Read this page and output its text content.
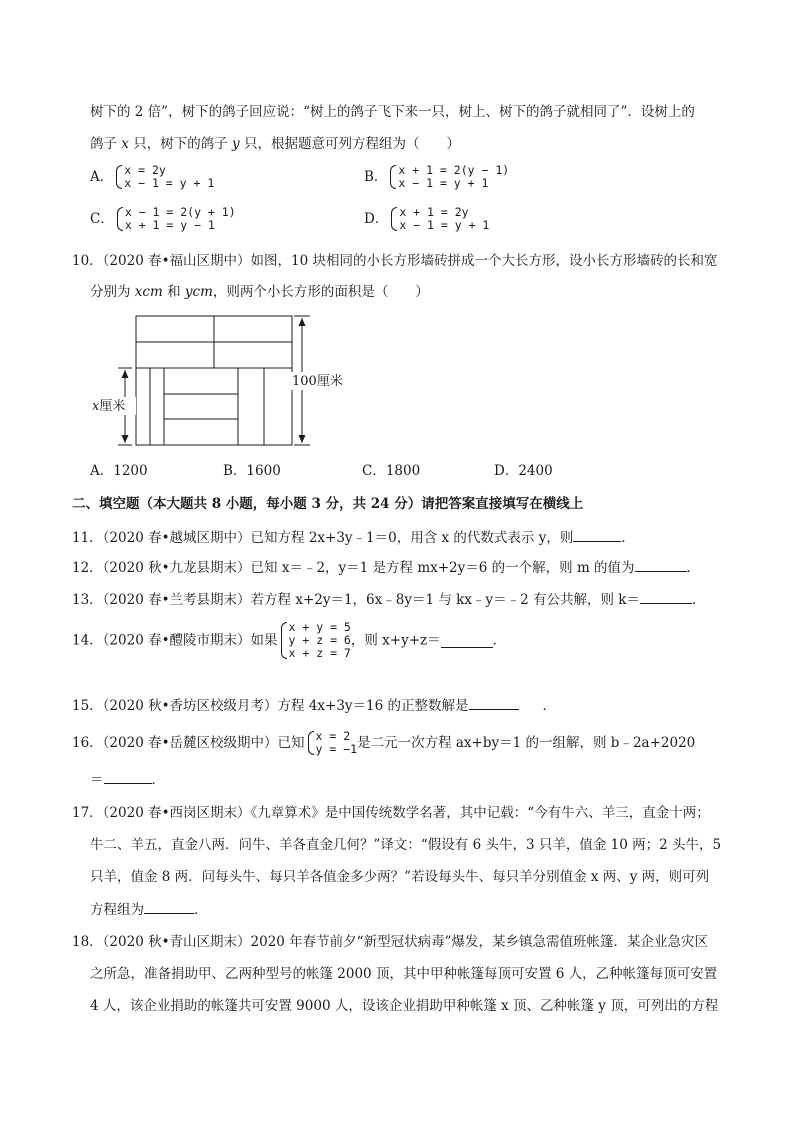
树下的 2 倍”，树下的鸽子回应说：“树上的鸽子飞下来一只，树上、树下的鸽子就相同了”．设树上的
鸽子 x 只，树下的鸽子 y 只，根据题意可列方程组为（　　）
A． x = 2y
x − 1 = y + 1	B． x + 1 = 2(y − 1)
x − 1 = y + 1
C． x − 1 = 2(y + 1)
x + 1 = y − 1	D． x + 1 = 2y
x − 1 = y + 1
10．（2020 春•福山区期中）如图，10 块相同的小长方形墙砖拼成一个大长方形，设小长方形墙砖的长和宽
分别为 xcm 和 ycm，则两个小长方形的面积是（　　）
x厘米
100厘米
A．1200	B．1600	C．1800	D．2400
二、填空题（本大题共 8 小题，每小题 3 分，共 24 分）请把答案直接填写在横线上
11．（2020 春•越城区期中）已知方程 2x+3y﹣1＝0，用含 x 的代数式表示 y，则	．
12．（2020 秋•九龙县期末）已知 x＝﹣2，y＝1 是方程 mx+2y＝6 的一个解，则 m 的值为	．
13．（2020 春•兰考县期末）若方程 x+2y＝1，6x﹣8y＝1 与 kx﹣y＝﹣2 有公共解，则 k＝	．
14．（2020 春•醴陵市期末）如果
x + y = 5
y + z = 6
x + z = 7
，则 x+y+z＝	．
15．（2020 秋•香坊区校级月考）方程 4x+3y＝16 的正整数解是	．
16．（2020 春•岳麓区校级期中）已知 x = 2
y = −1 是二元一次方程 ax+by＝1 的一组解，则 b﹣2a+2020
＝	．
17．（2020 春•西岗区期末）《九章算术》是中国传统数学名著，其中记载：“今有牛六、羊三，直金十两；
牛二、羊五，直金八两．问牛、羊各直金几何？”译文：“假设有 6 头牛，3 只羊，值金 10 两；2 头牛，5
只羊，值金 8 两．问每头牛、每只羊各值金多少两？”若设每头牛、每只羊分别值金 x 两、y 两，则可列
方程组为	．
18．（2020 秋•青山区期末）2020 年春节前夕“新型冠状病毒”爆发，某乡镇急需值班帐篷．某企业急灾区
之所急，准备捐助甲、乙两种型号的帐篷 2000 顶，其中甲种帐篷每顶可安置 6 人，乙种帐篷每顶可安置
4 人，该企业捐助的帐篷共可安置 9000 人，设该企业捐助甲种帐篷 x 顶、乙种帐篷 y 顶，可列出的方程
